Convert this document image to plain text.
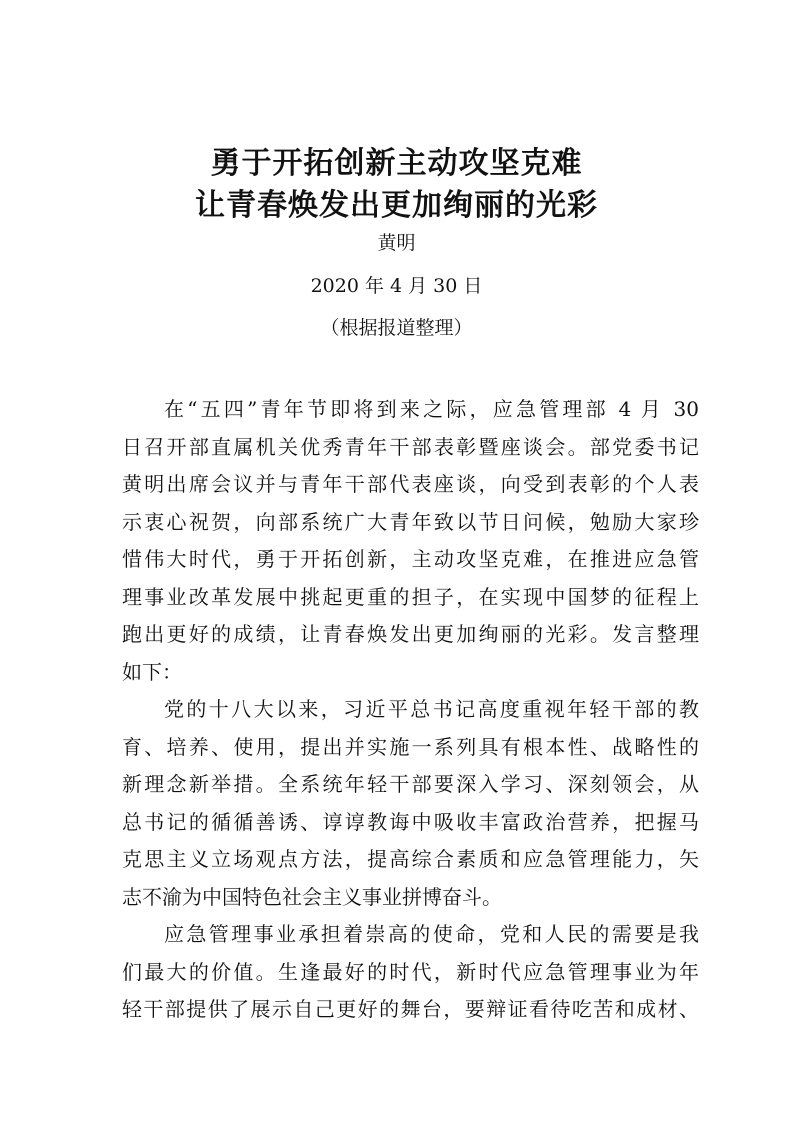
勇于开拓创新主动攻坚克难
让青春焕发出更加绚丽的光彩
黄明
2020 年 4 月 30 日
（根据报道整理）
在“五四”青年节即将到来之际，应急管理部 4 月 30
日召开部直属机关优秀青年干部表彰暨座谈会。部党委书记
黄明出席会议并与青年干部代表座谈，向受到表彰的个人表
示衷心祝贺，向部系统广大青年致以节日问候，勉励大家珍
惜伟大时代，勇于开拓创新，主动攻坚克难，在推进应急管
理事业改革发展中挑起更重的担子，在实现中国梦的征程上
跑出更好的成绩，让青春焕发出更加绚丽的光彩。发言整理
如下：
党的十八大以来，习近平总书记高度重视年轻干部的教
育、培养、使用，提出并实施一系列具有根本性、战略性的
新理念新举措。全系统年轻干部要深入学习、深刻领会，从
总书记的循循善诱、谆谆教诲中吸收丰富政治营养，把握马
克思主义立场观点方法，提高综合素质和应急管理能力，矢
志不渝为中国特色社会主义事业拼博奋斗。
应急管理事业承担着崇高的使命，党和人民的需要是我
们最大的价值。生逢最好的时代，新时代应急管理事业为年
轻干部提供了展示自己更好的舞台，要辩证看待吃苦和成材、
